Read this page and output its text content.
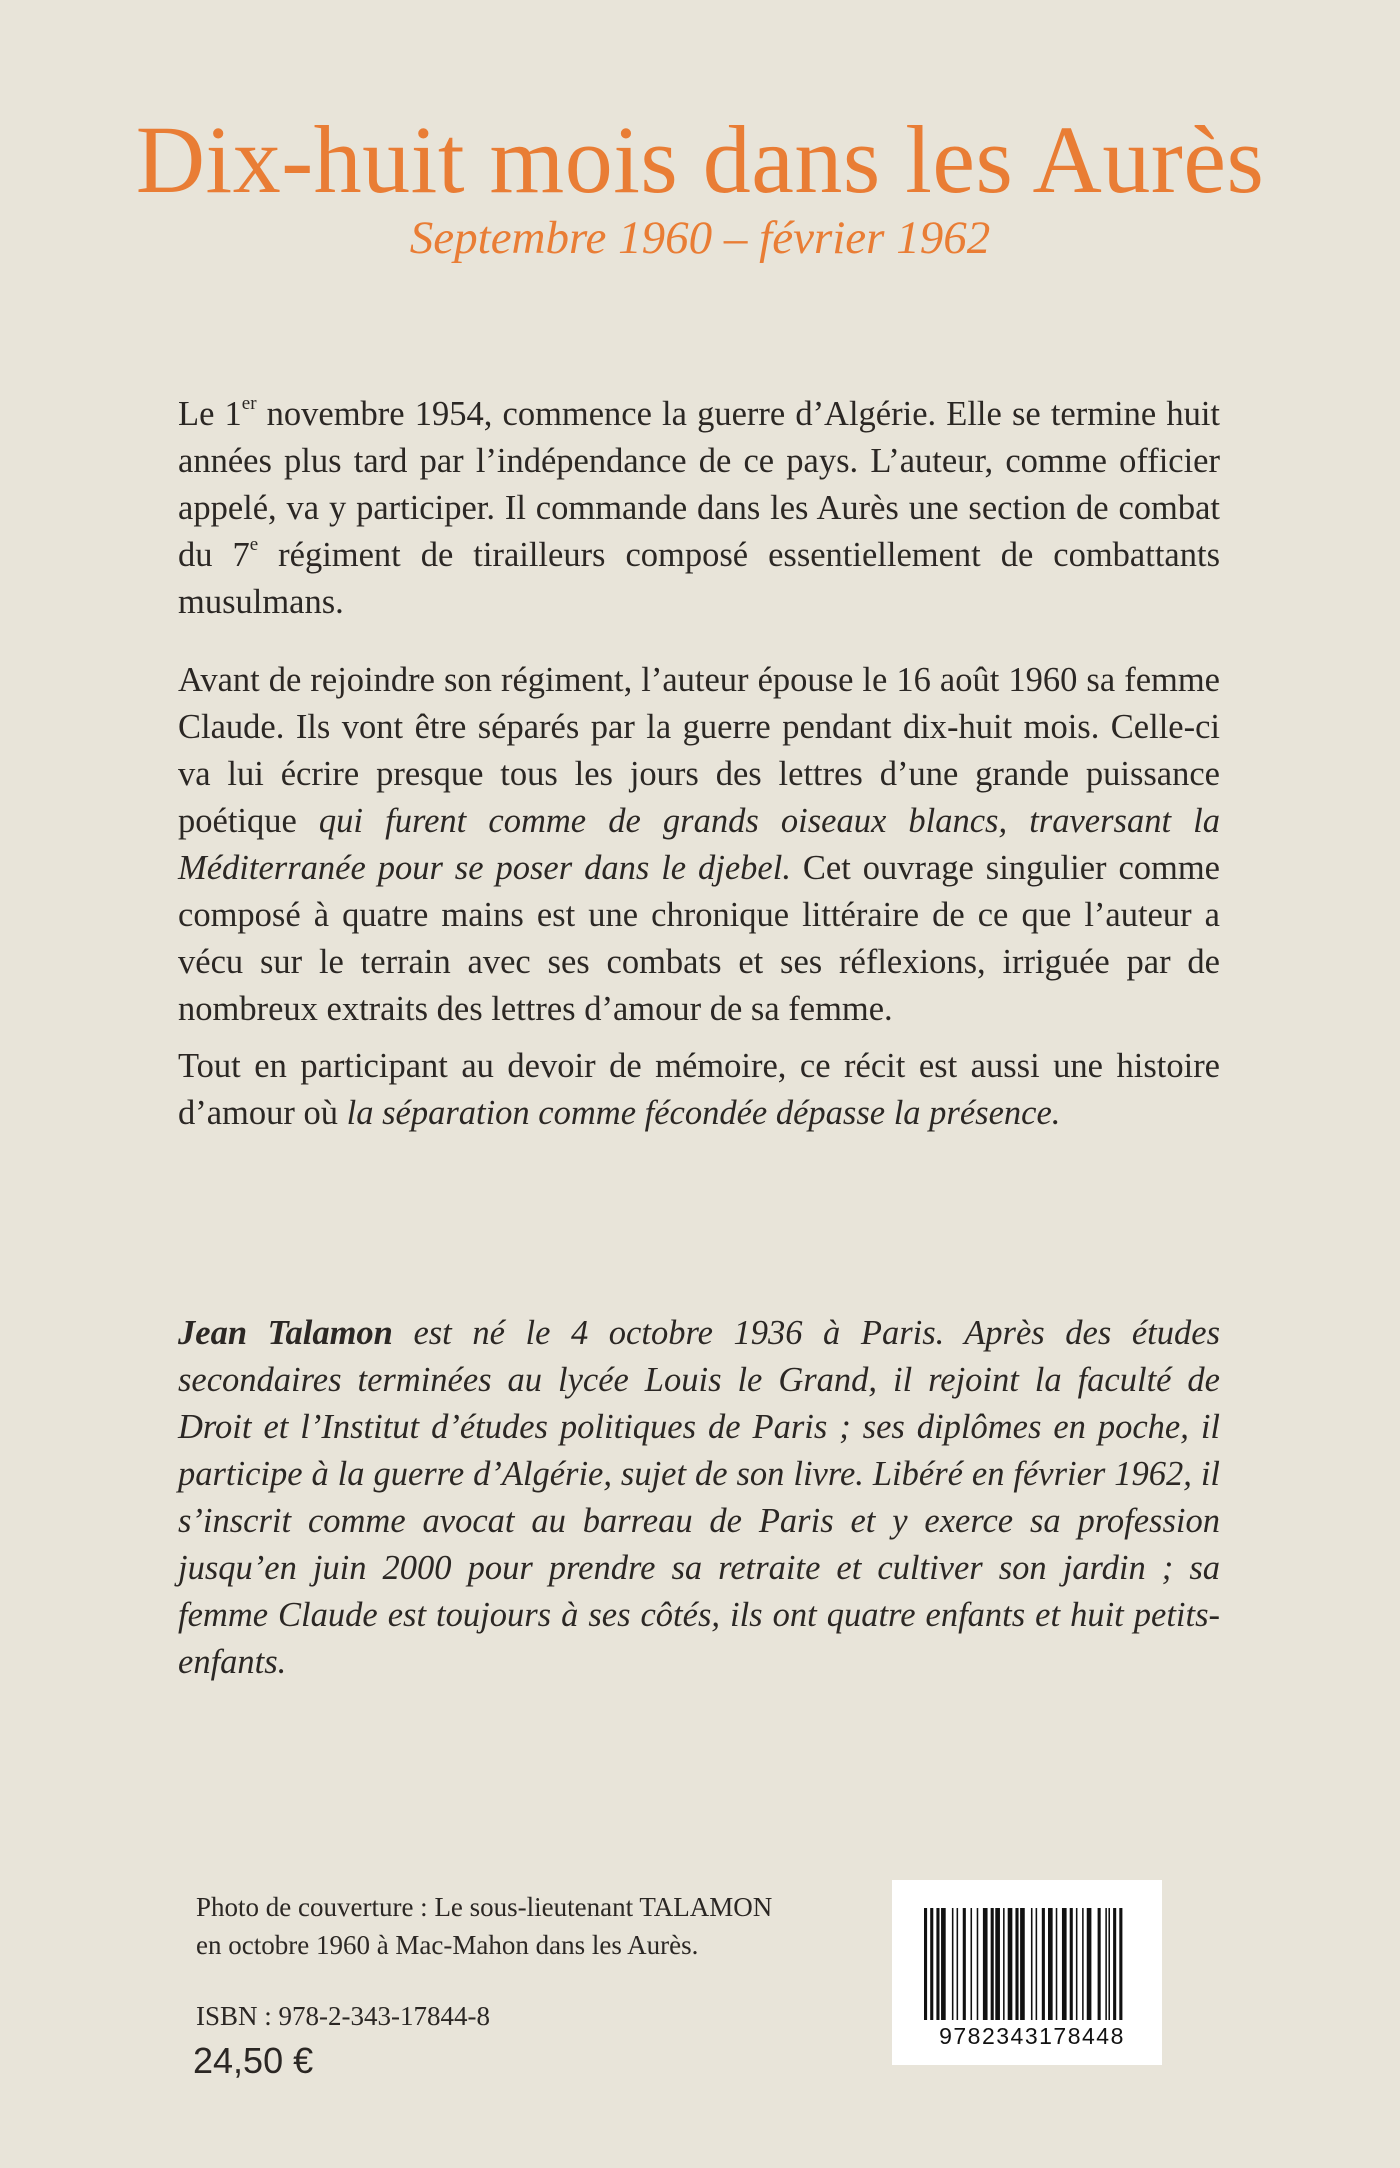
Dix-huit mois dans les Aurès
Septembre 1960 – février 1962

Le 1er novembre 1954, commence la guerre d’Algérie. Elle se termine huit années plus tard par l’indépendance de ce pays. L’auteur, comme officier appelé, va y participer. Il commande dans les Aurès une section de combat du 7e régiment de tirailleurs composé essentiellement de combattants musulmans.

Avant de rejoindre son régiment, l’auteur épouse le 16 août 1960 sa femme Claude. Ils vont être séparés par la guerre pendant dix-huit mois. Celle-ci va lui écrire presque tous les jours des lettres d’une grande puissance poétique qui furent comme de grands oiseaux blancs, traversant la Méditerranée pour se poser dans le djebel. Cet ouvrage singulier comme composé à quatre mains est une chronique littéraire de ce que l’auteur a vécu sur le terrain avec ses combats et ses réflexions, irriguée par de nombreux extraits des lettres d’amour de sa femme.

Tout en participant au devoir de mémoire, ce récit est aussi une histoire d’amour où la séparation comme fécondée dépasse la présence.

Jean Talamon est né le 4 octobre 1936 à Paris. Après des études secondaires terminées au lycée Louis le Grand, il rejoint la faculté de Droit et l’Institut d’études politiques de Paris ; ses diplômes en poche, il participe à la guerre d’Algérie, sujet de son livre. Libéré en février 1962, il s’inscrit comme avocat au barreau de Paris et y exerce sa profession jusqu’en juin 2000 pour prendre sa retraite et cultiver son jardin ; sa femme Claude est toujours à ses côtés, ils ont quatre enfants et huit petits-enfants.

Photo de couverture : Le sous-lieutenant TALAMON
en octobre 1960 à Mac-Mahon dans les Aurès.
ISBN : 978-2-343-17844-8
24,50 €
9782343178448
